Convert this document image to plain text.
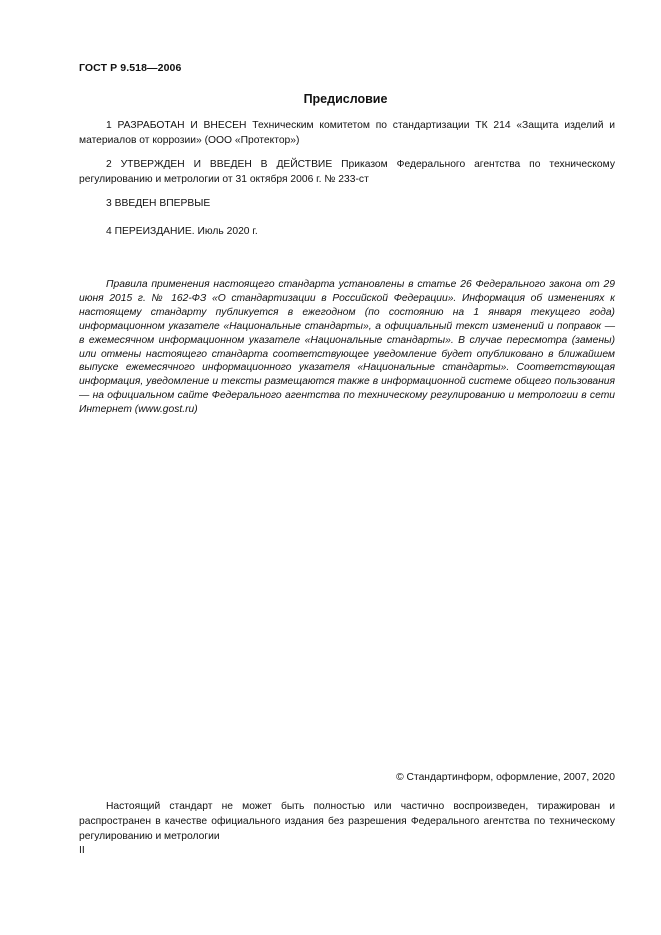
ГОСТ Р 9.518—2006
Предисловие
1 РАЗРАБОТАН И ВНЕСЕН Техническим комитетом по стандартизации ТК 214 «Защита изделий и материалов от коррозии» (ООО «Протектор»)
2 УТВЕРЖДЕН И ВВЕДЕН В ДЕЙСТВИЕ Приказом Федерального агентства по техническому регулированию и метрологии от 31 октября 2006 г. № 233-ст
3 ВВЕДЕН ВПЕРВЫЕ
4 ПЕРЕИЗДАНИЕ. Июль 2020 г.
Правила применения настоящего стандарта установлены в статье 26 Федерального закона от 29 июня 2015 г. № 162-ФЗ «О стандартизации в Российской Федерации». Информация об изменениях к настоящему стандарту публикуется в ежегодном (по состоянию на 1 января текущего года) информационном указателе «Национальные стандарты», а официальный текст изменений и поправок — в ежемесячном информационном указателе «Национальные стандарты». В случае пересмотра (замены) или отмены настоящего стандарта соответствующее уведомление будет опубликовано в ближайшем выпуске ежемесячного информационного указателя «Национальные стандарты». Соответствующая информация, уведомление и тексты размещаются также в информационной системе общего пользования — на официальном сайте Федерального агентства по техническому регулированию и метрологии в сети Интернет (www.gost.ru)
© Стандартинформ, оформление, 2007, 2020
Настоящий стандарт не может быть полностью или частично воспроизведен, тиражирован и распространен в качестве официального издания без разрешения Федерального агентства по техническому регулированию и метрологии
II
